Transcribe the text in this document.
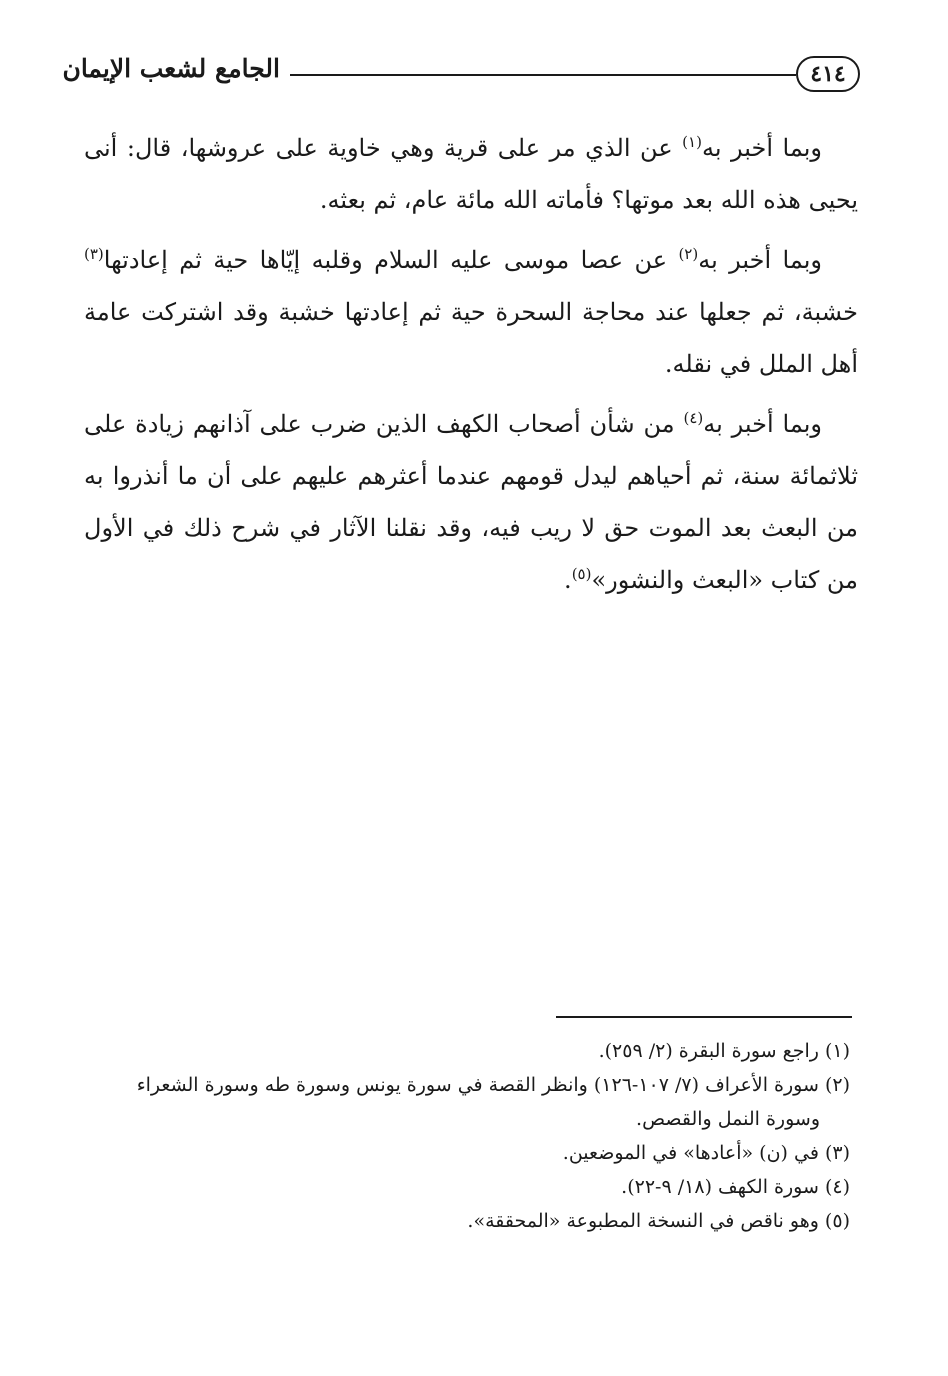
٤١٤
الجامع لشعب الإيمان

وبما أخبر به$^{(١)}$ عن الذي مر على قرية وهي خاوية على عروشها، قال: أنى يحيى هذه الله بعد موتها؟ فأماته الله مائة عام، ثم بعثه.

وبما أخبر به$^{(٢)}$ عن عصا موسى عليه السلام وقلبه إيّاها حية ثم إعادتها$^{(٣)}$ خشبة، ثم جعلها عند محاجة السحرة حية ثم إعادتها خشبة وقد اشتركت عامة أهل الملل في نقله.

وبما أخبر به$^{(٤)}$ من شأن أصحاب الكهف الذين ضرب على آذانهم زيادة على ثلاثمائة سنة، ثم أحياهم ليدل قومهم عندما أعثرهم عليهم على أن ما أنذروا به من البعث بعد الموت حق لا ريب فيه، وقد نقلنا الآثار في شرح ذلك في الأول من كتاب «البعث والنشور»$^{(٥)}$.

(١) راجع سورة البقرة (٢/ ٢٥٩).

(٢) سورة الأعراف (٧/ ١٠٧-١٢٦) وانظر القصة في سورة يونس وسورة طه وسورة الشعراء
وسورة النمل والقصص.

(٣) في (ن) «أعادها» في الموضعين.

(٤) سورة الكهف (١٨/ ٩-٢٢).

(٥) وهو ناقص في النسخة المطبوعة «المحققة».
